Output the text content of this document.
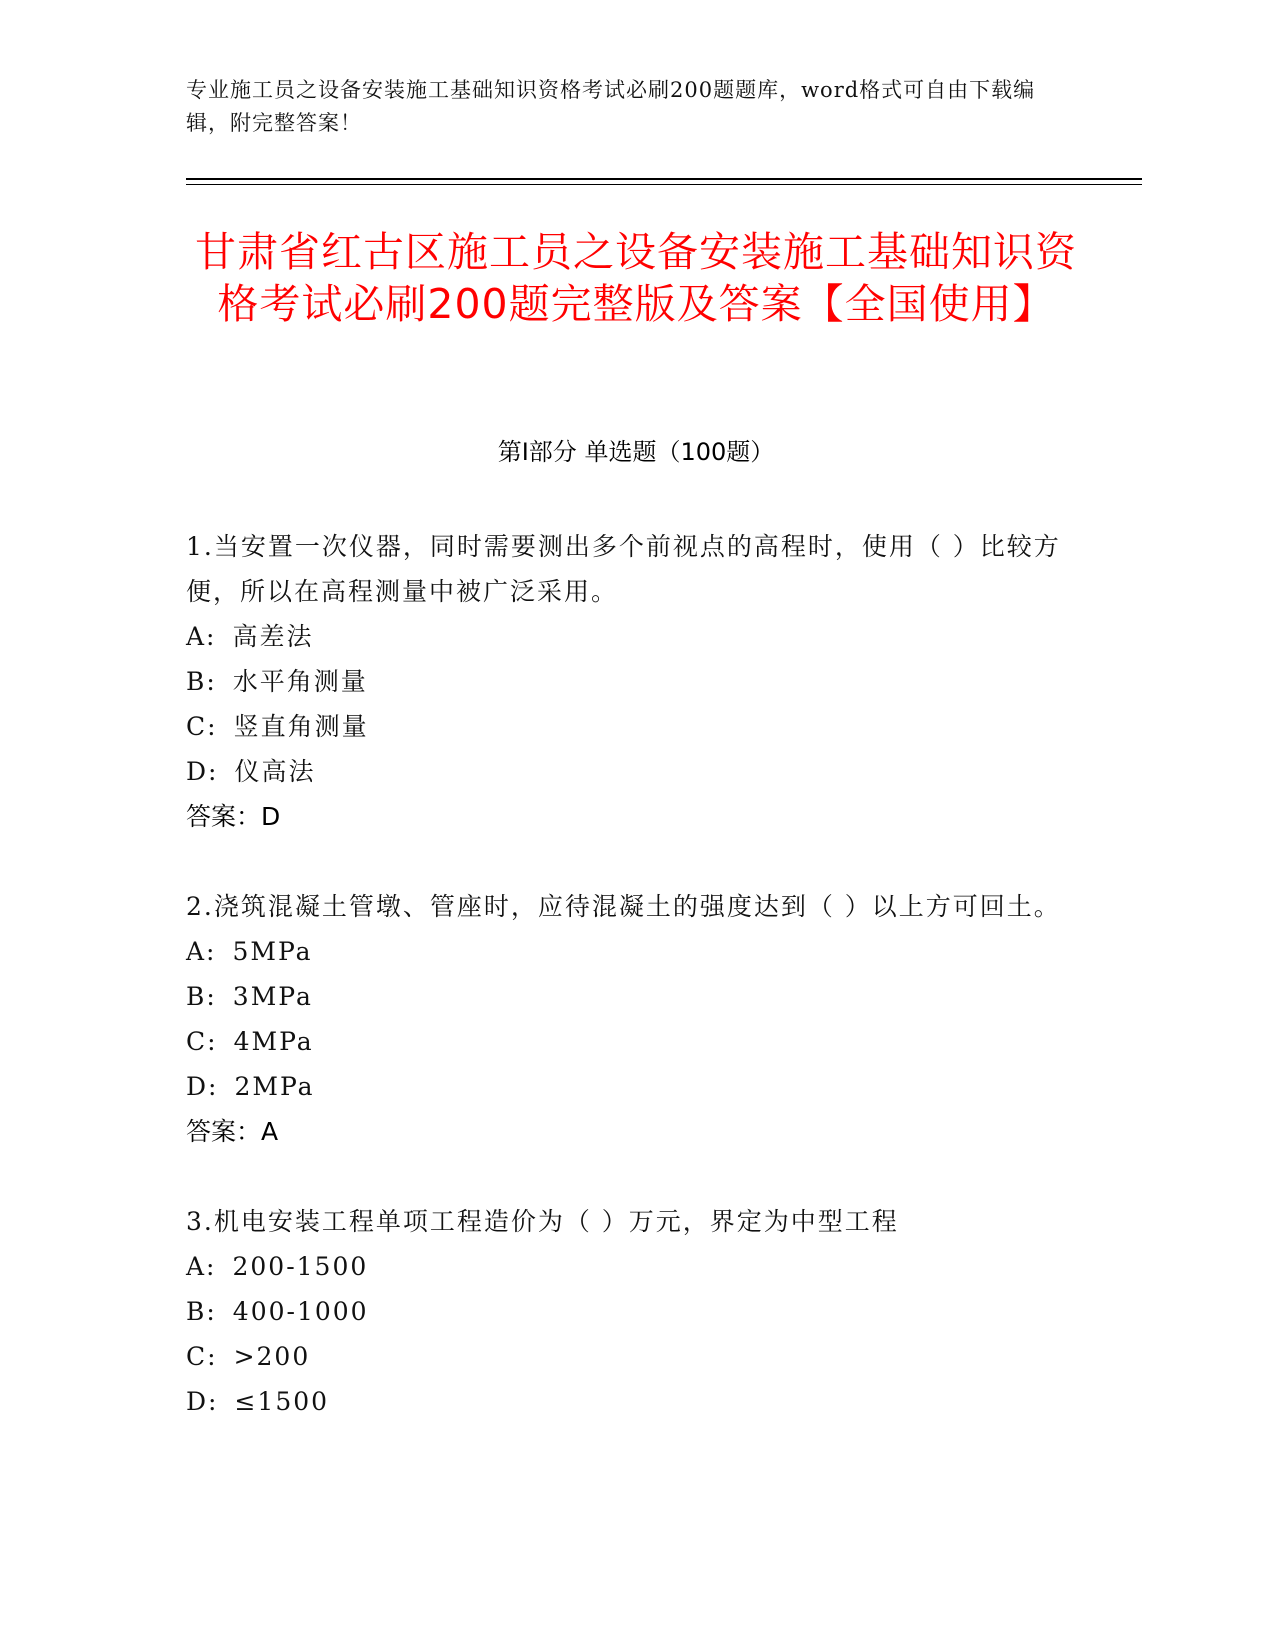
专业施工员之设备安装施工基础知识资格考试必刷200题题库，word格式可自由下载编辑，附完整答案！
甘肃省红古区施工员之设备安装施工基础知识资格考试必刷200题完整版及答案【全国使用】
第I部分 单选题（100题）
1.当安置一次仪器，同时需要测出多个前视点的高程时，使用（ ）比较方便，所以在高程测量中被广泛采用。
A: 高差法
B: 水平角测量
C: 竖直角测量
D: 仪高法
答案：D
2.浇筑混凝土管墩、管座时，应待混凝土的强度达到（ ）以上方可回土。
A: 5MPa
B: 3MPa
C: 4MPa
D: 2MPa
答案：A
3.机电安装工程单项工程造价为（ ）万元，界定为中型工程
A: 200-1500
B: 400-1000
C: >200
D: ≤1500
